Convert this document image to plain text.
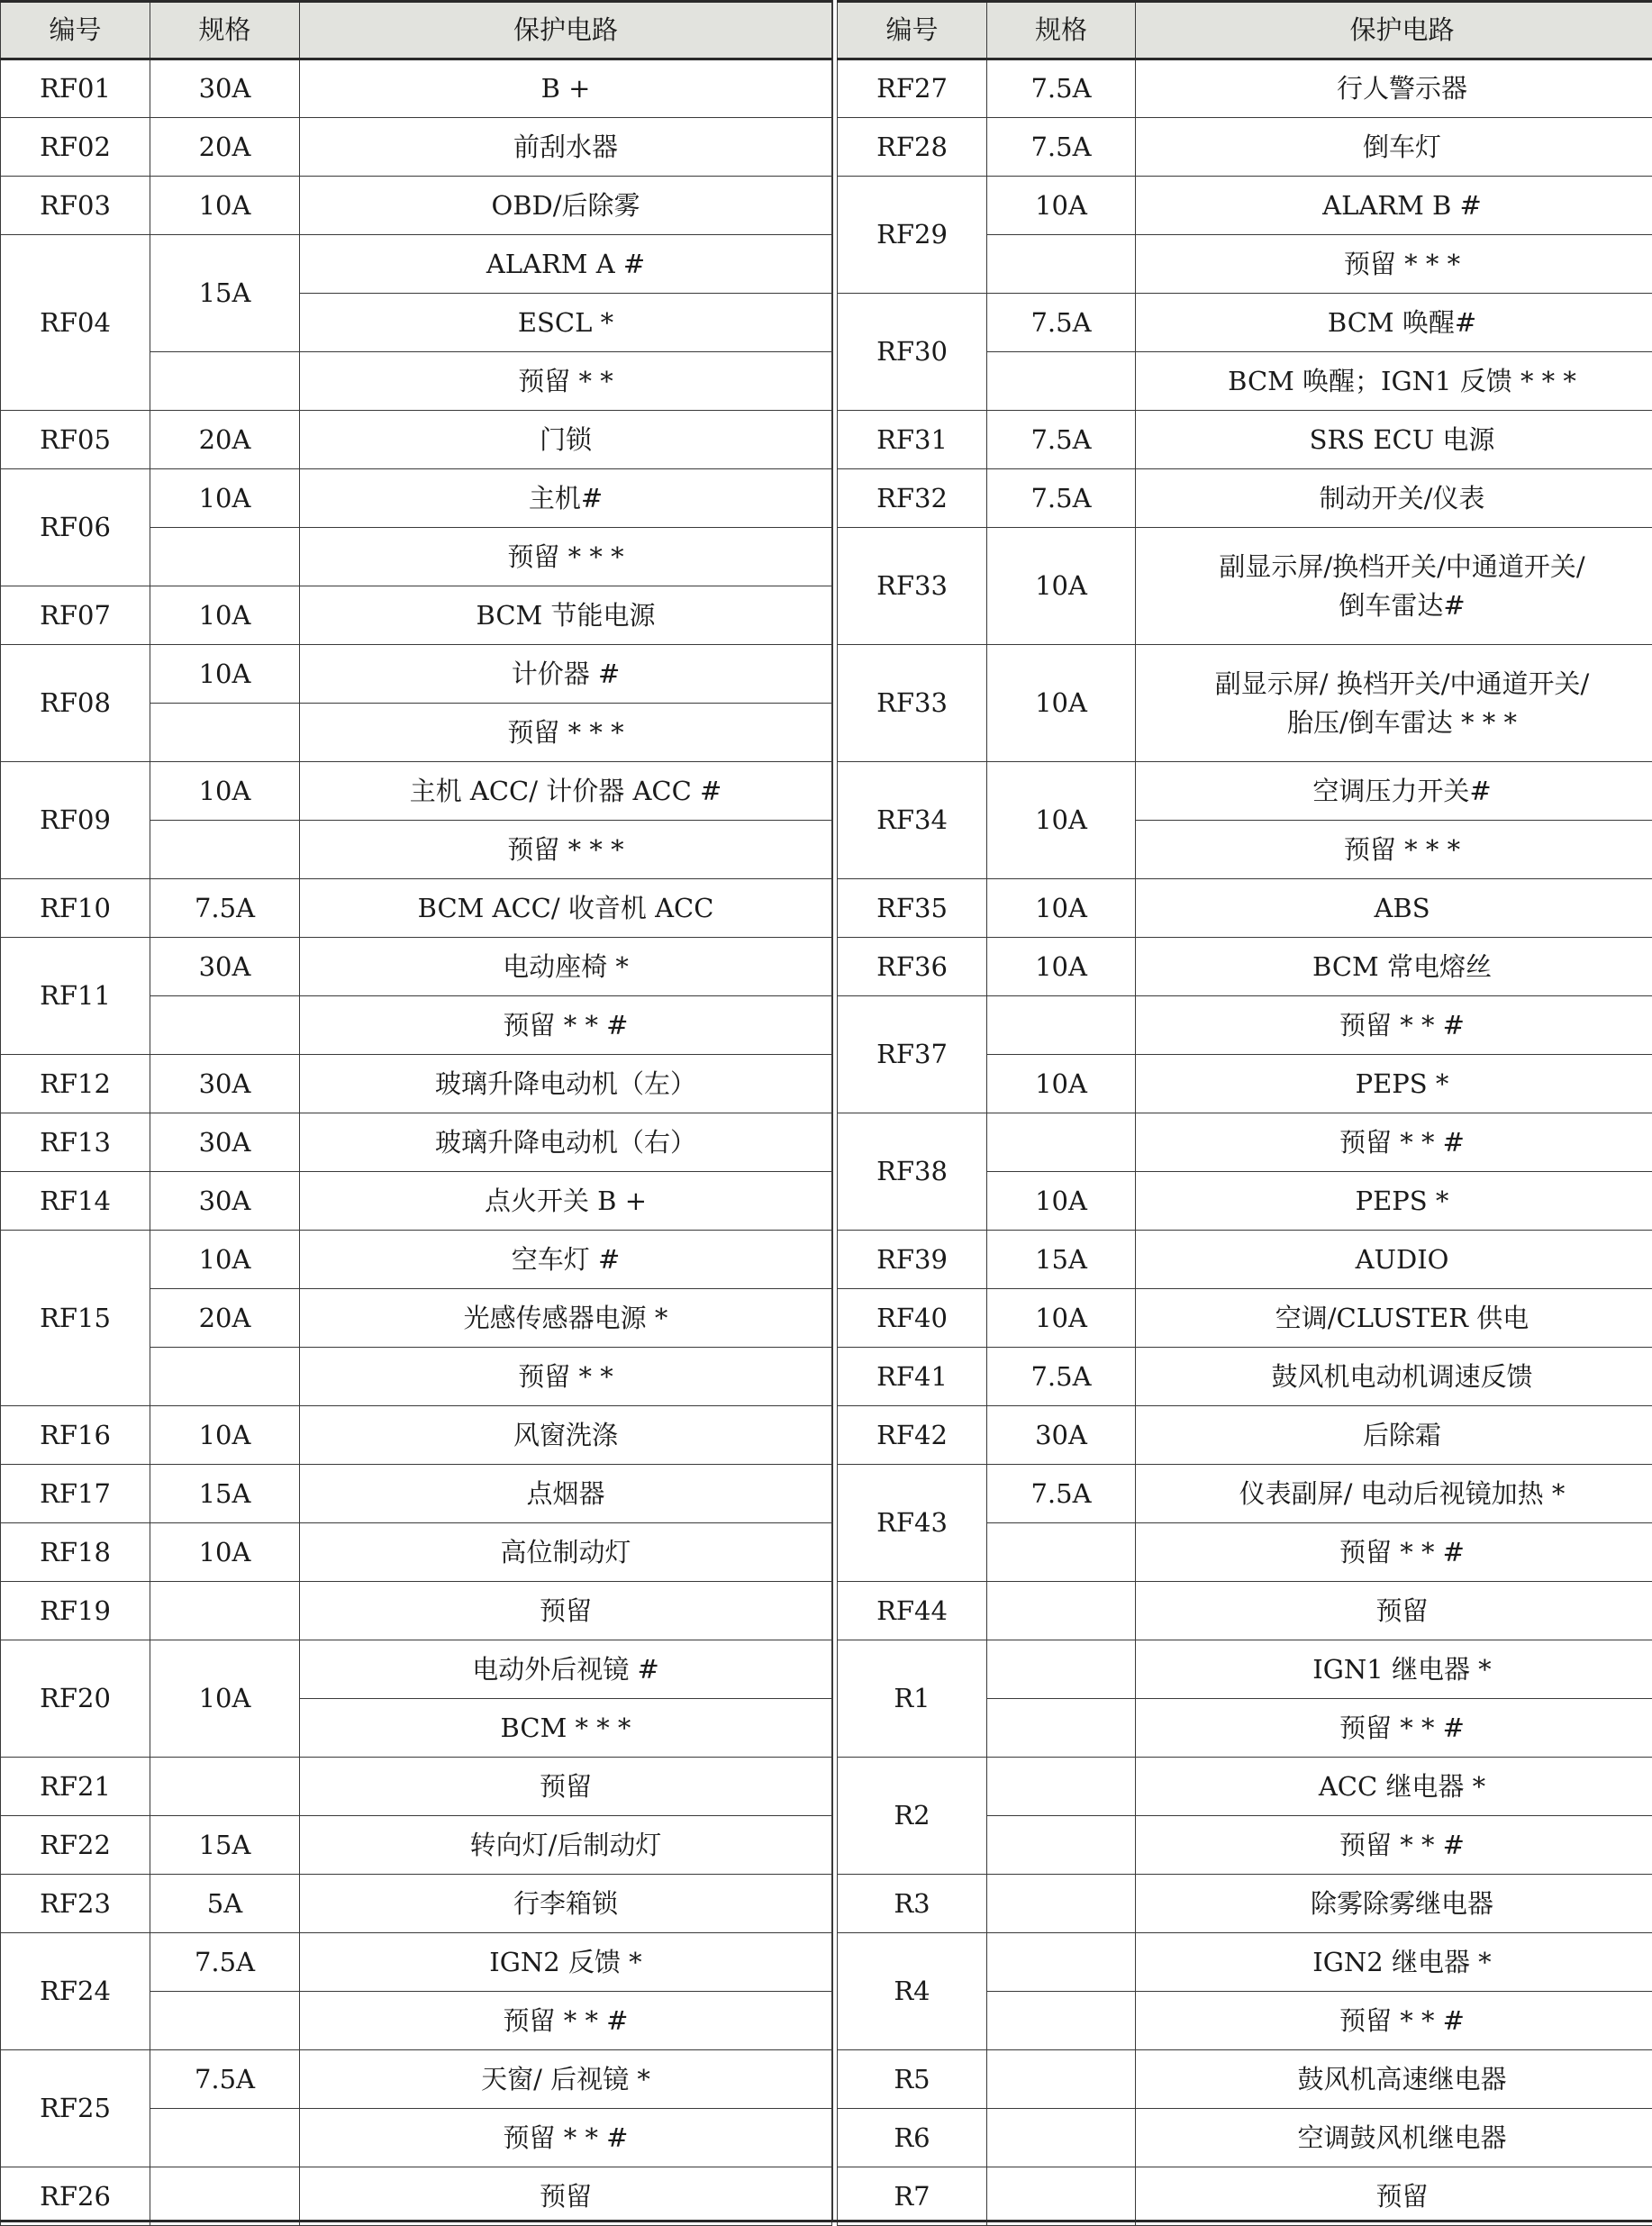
编号	规格	保护电路
RF01	30A	B +
RF02	20A	前刮水器
RF03	10A	OBD/后除雾
RF04	15A	ALARM A #
		ESCL *
		预留 * *
RF05	20A	门锁
RF06	10A	主机#
		预留 * * *
RF07	10A	BCM 节能电源
RF08	10A	计价器 #
		预留 * * *
RF09	10A	主机 ACC/ 计价器 ACC #
		预留 * * *
RF10	7.5A	BCM ACC/ 收音机 ACC
RF11	30A	电动座椅 *
		预留 * * #
RF12	30A	玻璃升降电动机（左）
RF13	30A	玻璃升降电动机（右）
RF14	30A	点火开关 B +
RF15	10A	空车灯 #
	20A	光感传感器电源 *
		预留 * *
RF16	10A	风窗洗涤
RF17	15A	点烟器
RF18	10A	高位制动灯
RF19		预留
RF20	10A	电动外后视镜 #
		BCM * * *
RF21		预留
RF22	15A	转向灯/后制动灯
RF23	5A	行李箱锁
RF24	7.5A	IGN2 反馈 *
		预留 * * #
RF25	7.5A	天窗/ 后视镜 *
		预留 * * #
RF26		预留
编号	规格	保护电路
RF27	7.5A	行人警示器
RF28	7.5A	倒车灯
RF29	10A	ALARM B #
		预留 * * *
RF30	7.5A	BCM 唤醒#
		BCM 唤醒；IGN1 反馈 * * *
RF31	7.5A	SRS ECU 电源
RF32	7.5A	制动开关/仪表
RF33	10A	副显示屏/换档开关/中通道开关/
倒车雷达#

RF33	10A	副显示屏/ 换档开关/中通道开关/
胎压/倒车雷达 * * *

RF34	10A	空调压力开关#
		预留 * * *
RF35	10A	ABS
RF36	10A	BCM 常电熔丝
RF37		预留 * * #
	10A	PEPS *
RF38		预留 * * #
	10A	PEPS *
RF39	15A	AUDIO
RF40	10A	空调/CLUSTER 供电
RF41	7.5A	鼓风机电动机调速反馈
RF42	30A	后除霜
RF43	7.5A	仪表副屏/ 电动后视镜加热 *
		预留 * * #
RF44		预留
R1		IGN1 继电器 *
		预留 * * #
R2		ACC 继电器 *
		预留 * * #
R3		除雾除雾继电器
R4		IGN2 继电器 *
		预留 * * #
R5		鼓风机高速继电器
R6		空调鼓风机继电器
R7		预留
